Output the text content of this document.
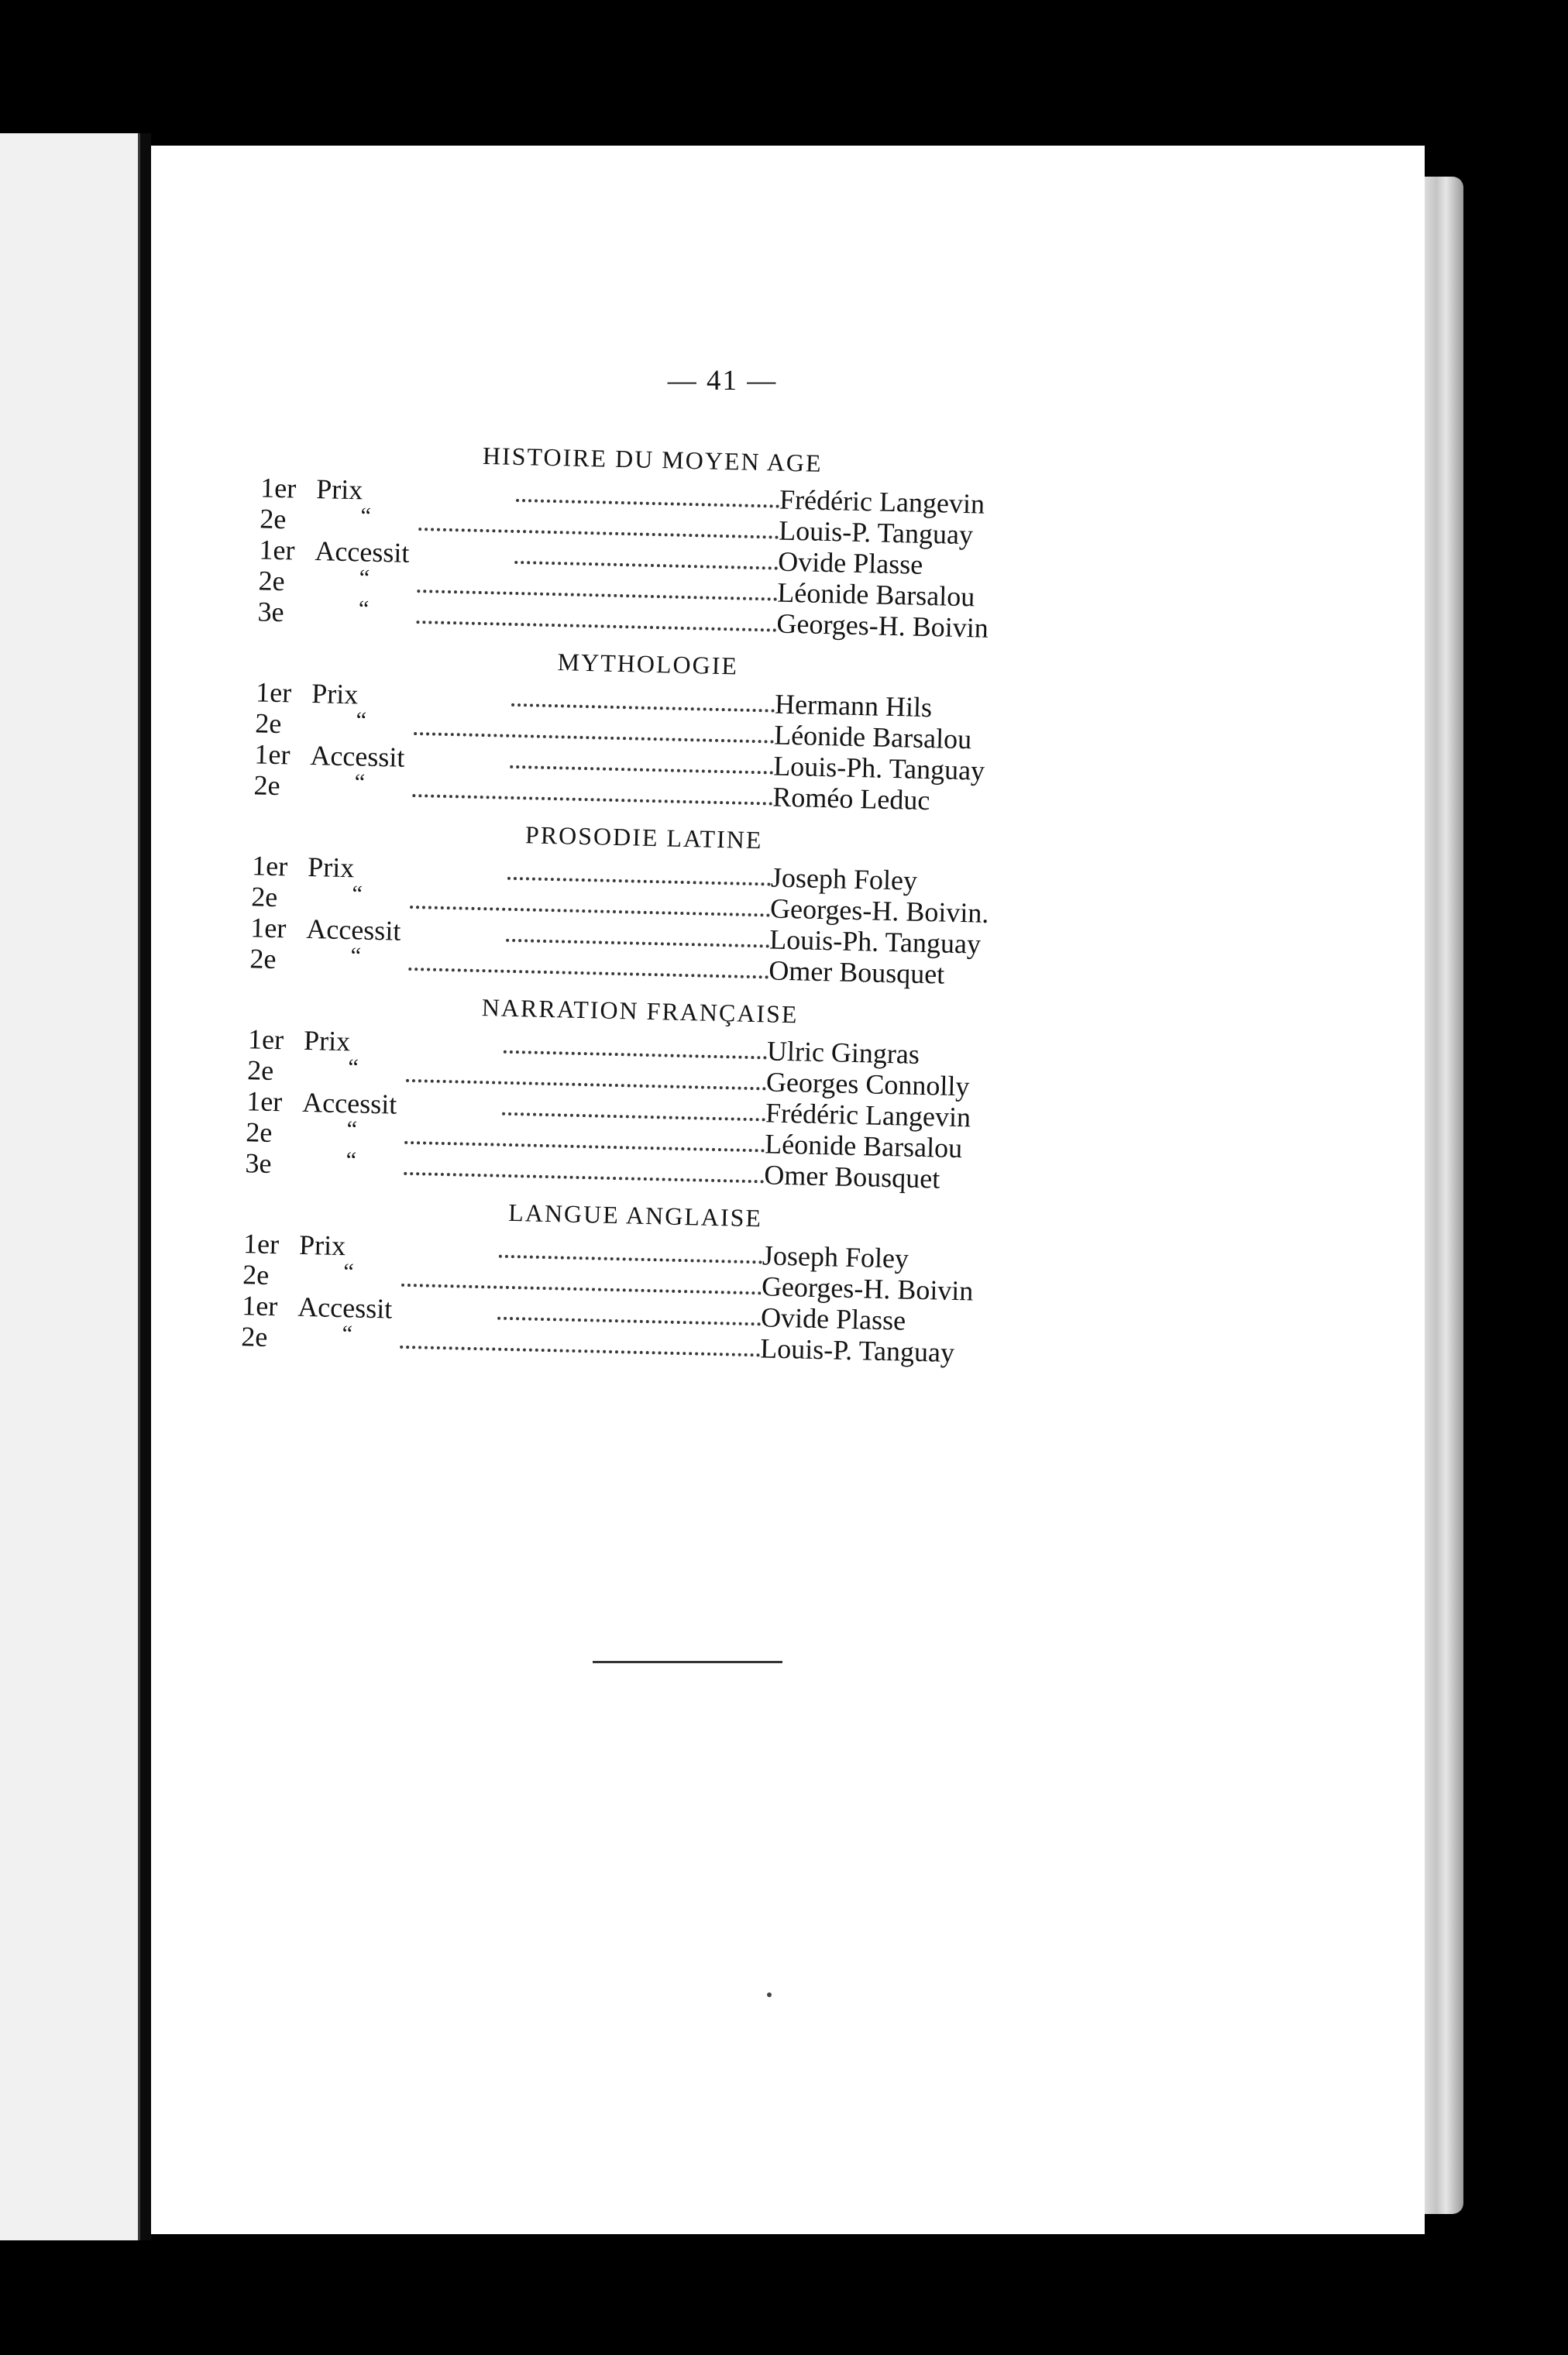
— 41 —
HISTOIRE DU MOYEN AGE
1er Prix	Frédéric Langevin
2e	“	Louis-P. Tanguay
1er Accessit	Ovide Plasse
2e	“	Léonide Barsalou
3e	“	Georges-H. Boivin
MYTHOLOGIE
1er Prix	Hermann Hils
2e	“	Léonide Barsalou
1er Accessit	Louis-Ph. Tanguay
2e	“	Roméo Leduc
PROSODIE LATINE
1er Prix	Joseph Foley
2e	“	Georges-H. Boivin.
1er Accessit	Louis-Ph. Tanguay
2e	“	Omer Bousquet
NARRATION FRANÇAISE
1er Prix	Ulric Gingras
2e	“	Georges Connolly
1er Accessit	Frédéric Langevin
2e	“	Léonide Barsalou
3e	“	Omer Bousquet
LANGUE ANGLAISE
1er Prix	Joseph Foley
2e	“	Georges-H. Boivin
1er Accessit	Ovide Plasse
2e	“	Louis-P. Tanguay
